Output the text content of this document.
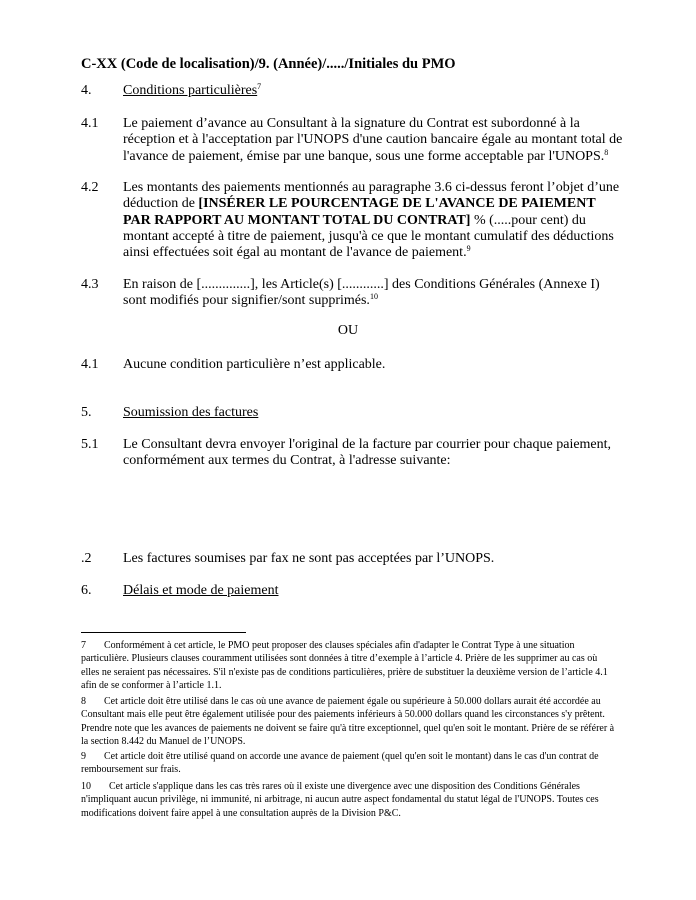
C-XX (Code de localisation)/9. (Année)/...../Initiales du PMO
4.	Conditions particulières$^7$
4.1	Le paiement d’avance au Consultant à la signature du Contrat est subordonné à la réception et à l'acceptation par l'UNOPS d'une caution bancaire égale au montant total de l'avance de paiement, émise par une banque, sous une forme acceptable par l'UNOPS.$^8$
4.2	Les montants des paiements mentionnés au paragraphe 3.6 ci-dessus feront l’objet d’une déduction de [INSÉRER LE POURCENTAGE DE L'AVANCE DE PAIEMENT PAR RAPPORT AU MONTANT TOTAL DU CONTRAT] % (.....pour cent) du montant accepté à titre de paiement, jusqu'à ce que le montant cumulatif des déductions ainsi effectuées soit égal au montant de l'avance de paiement.$^9$
4.3	En raison de [..............], les Article(s) [............] des Conditions Générales (Annexe I) sont modifiés pour signifier/sont supprimés.$^{10}$
OU
4.1	Aucune condition particulière n’est applicable.
5.	Soumission des factures
5.1	Le Consultant devra envoyer l'original de la facture par courrier pour chaque paiement, conformément aux termes du Contrat, à l'adresse suivante:
.2	Les factures soumises par fax ne sont pas acceptées par l’UNOPS.
6.	Délais et mode de paiement
7 Conformément à cet article, le PMO peut proposer des clauses spéciales afin d'adapter le Contrat Type à une situation particulière. Plusieurs clauses couramment utilisées sont données à titre d’exemple à l’article 4. Prière de les supprimer au cas où elles ne seraient pas nécessaires. S'il n'existe pas de conditions particulières, prière de substituer la deuxième version de l’article 4.1 afin de se conformer à l’article 1.1.
8 Cet article doit être utilisé dans le cas où une avance de paiement égale ou supérieure à 50.000 dollars aurait été accordée au Consultant mais elle peut être également utilisée pour des paiements inférieurs à 50.000 dollars quand les circonstances s'y prêtent. Prendre note que les avances de paiements ne doivent se faire qu'à titre exceptionnel, quel qu'en soit le montant. Prière de se référer à la section 8.442 du Manuel de l’UNOPS.
9 Cet article doit être utilisé quand on accorde une avance de paiement (quel qu'en soit le montant) dans le cas d'un contrat de remboursement sur frais.
10 Cet article s'applique dans les cas très rares où il existe une divergence avec une disposition des Conditions Générales n'impliquant aucun privilège, ni immunité, ni arbitrage, ni aucun autre aspect fondamental du statut légal de l'UNOPS. Toutes ces modifications doivent faire appel à une consultation auprès de la Division P&C.
